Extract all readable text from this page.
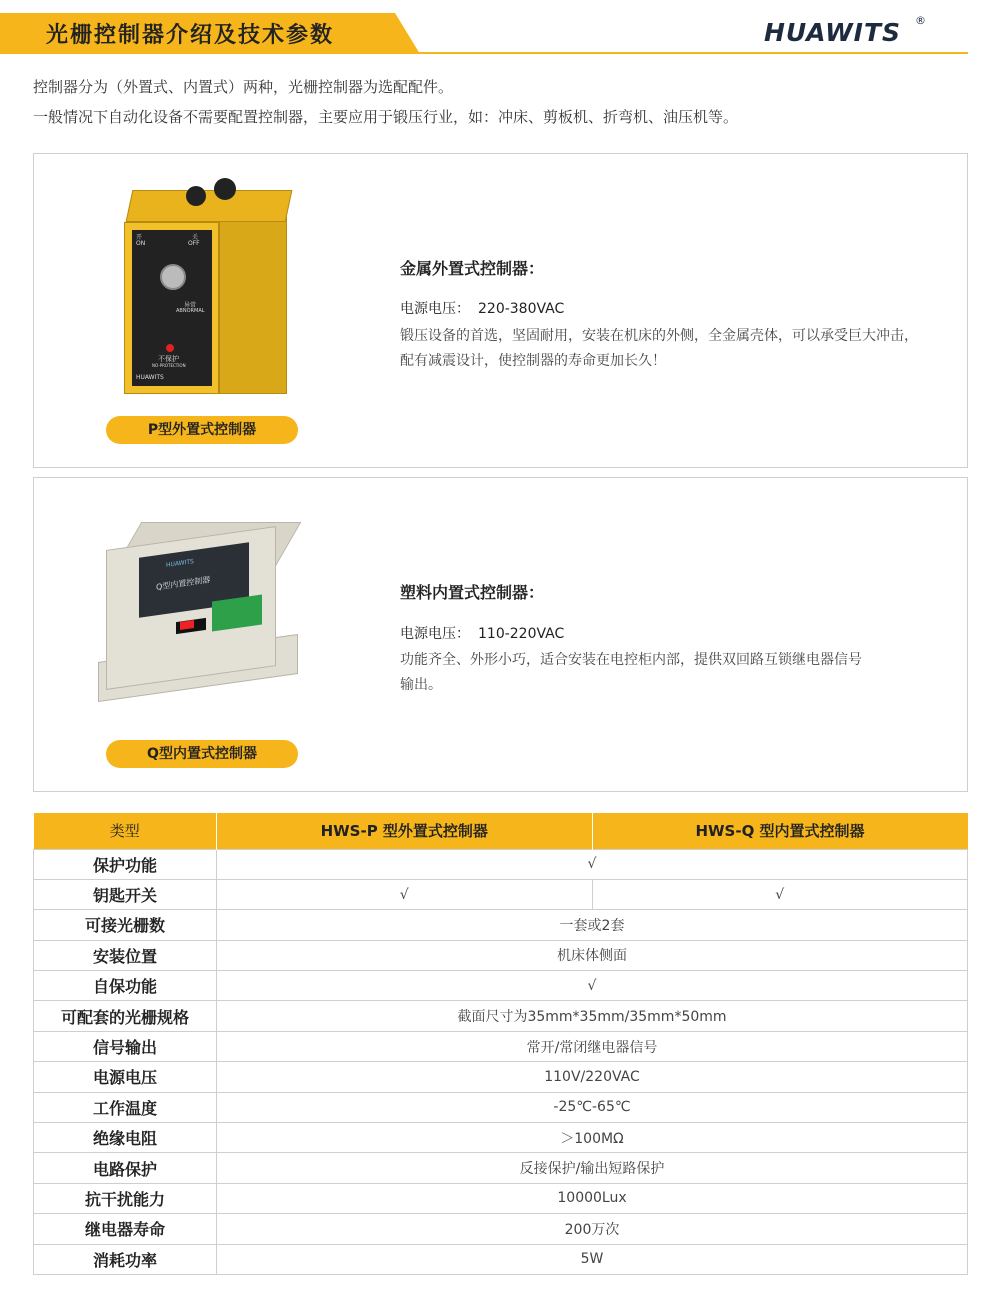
光栅控制器介绍及技术参数	HUAWITS ®
控制器分为（外置式、内置式）两种，光栅控制器为选配配件。
一般情况下自动化设备不需要配置控制器，主要应用于锻压行业，如：冲床、剪板机、折弯机、油压机等。
开
ON
关
OFF
异常
ABNORMAL
不保护
NO-PROTECTION
HUAWITS
P型外置式控制器
金属外置式控制器：
电源电压： 220-380VAC
锻压设备的首选，坚固耐用，安装在机床的外侧，全金属壳体，可以承受巨大冲击，配有减震设计，使控制器的寿命更加长久！
HUAWITS
Q型内置控制器
Q型内置式控制器
塑料内置式控制器：
电源电压： 110-220VAC
功能齐全、外形小巧，适合安装在电控柜内部，提供双回路互锁继电器信号输出。
类型	HWS-P 型外置式控制器	HWS-Q 型内置式控制器
保护功能	√	
钥匙开关	√	√
可接光栅数	一套或2套	
安装位置	机床体侧面	
自保功能	√	
可配套的光栅规格	截面尺寸为35mm*35mm/35mm*50mm	
信号输出	常开/常闭继电器信号	
电源电压	110V/220VAC	
工作温度	-25℃-65℃	
绝缘电阻	＞100MΩ	
电路保护	反接保护/输出短路保护	
抗干扰能力	10000Lux	
继电器寿命	200万次	
消耗功率	5W	
